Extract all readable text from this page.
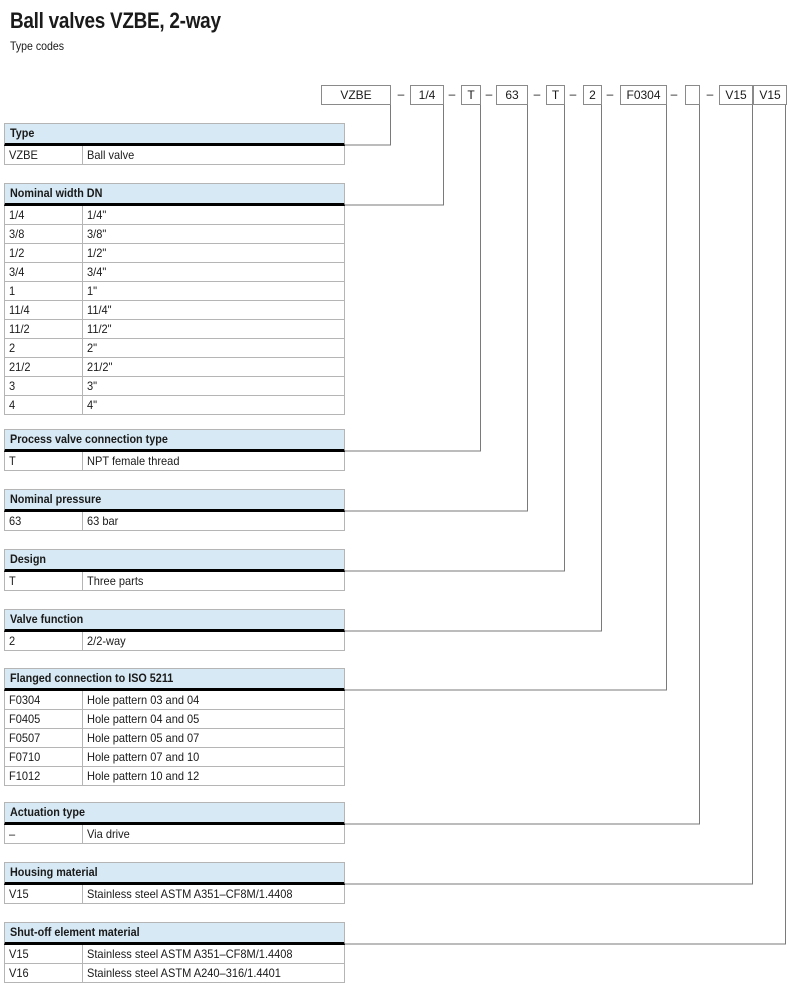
Ball valves VZBE, 2-way
Type codes
VZBE	–	1/4	– T –	63	– T –	2 –	F0304 – – V15	V15
Type
VZBE	Ball valve
Nominal width DN
1/4	1/4"
3/8	3/8"
1/2	1/2"
3/4	3/4"
1	1"
11/4	11/4"
11/2	11/2"
2	2"
21/2	21/2"
3	3"
4	4"
Process valve connection type
T	NPT female thread
Nominal pressure
63	63 bar
Design
T	Three parts
Valve function
2	2/2-way
Flanged connection to ISO 5211
F0304	Hole pattern 03 and 04
F0405	Hole pattern 04 and 05
F0507	Hole pattern 05 and 07
F0710	Hole pattern 07 and 10
F1012	Hole pattern 10 and 12
Actuation type
–	Via drive
Housing material
V15	Stainless steel ASTM A351–CF8M/1.4408
Shut-off element material
V15	Stainless steel ASTM A351–CF8M/1.4408
V16	Stainless steel ASTM A240–316/1.4401
